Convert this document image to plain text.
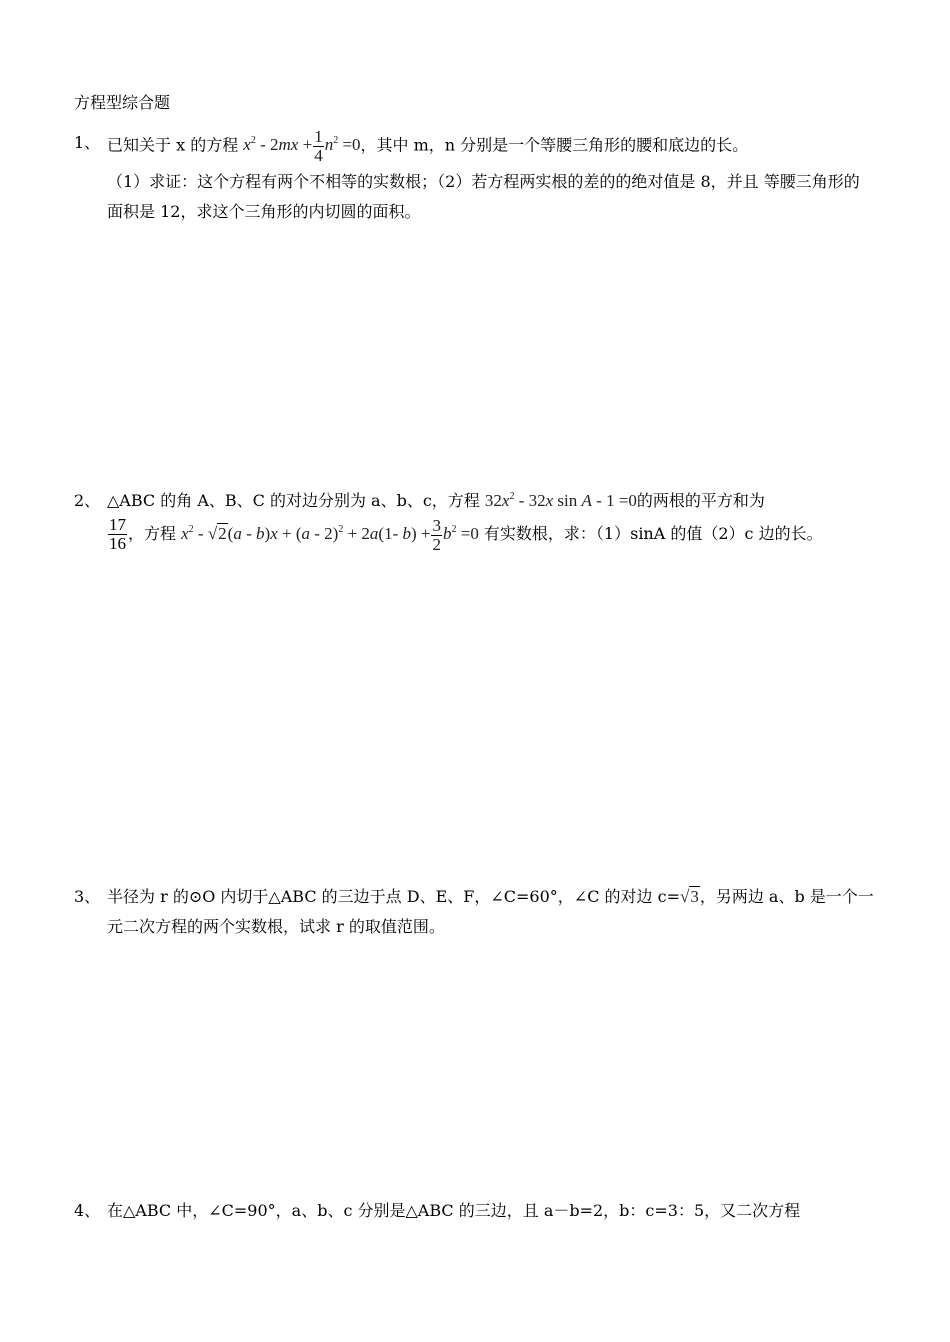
方程型综合题
1、 已知关于 x 的方程 $x^2 - 2mx + \frac{1}{4} n^2 =0$，其中 m，n 分别是一个等腰三角形的腰和底边的长。
（1）求证：这个方程有两个不相等的实数根；（2）若方程两实根的差的的绝对值是 8，并且 等腰三角形的面积是 12，求这个三角形的内切圆的面积。
2、 △ABC 的角 A、B、C 的对边分别为 a、b、c，方程 $32x^2 - 32x$ sin A - 1 =0的两根的平方和为

$\frac{17}{16}$ ，方程 $x^2 - √2(a - b)x + (a - 2)^2 + 2a(1-$ $b) + \frac{3}{2} b^2 =0$ 有实数根，求：（1）sinA 的值（2）c 边的长。
3、 半径为 r 的⊙O 内切于△ABC 的三边于点 D、E、F，∠C=60°，∠C 的对边 c=√3，另两边 a、b 是一个一元二次方程的两个实数根，试求 r 的取值范围。
4、 在△ABC 中，∠C=90°，a、b、c 分别是△ABC 的三边，且 a－b=2，b：c=3：5，又二次方程
